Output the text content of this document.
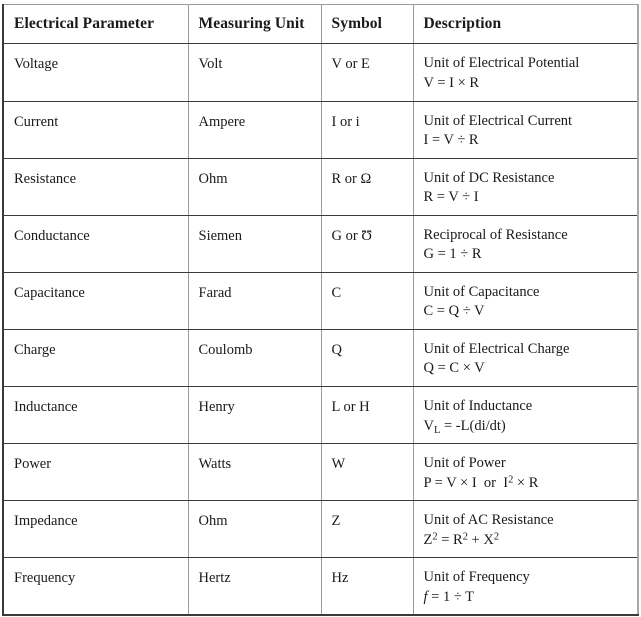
Electrical Parameter	Measuring Unit	Symbol	Description

Voltage	Volt	V or E	Unit of Electrical Potential
V = I × R

Current	Ampere	I or i	Unit of Electrical Current
I = V ÷ R

Resistance	Ohm	R or Ω	Unit of DC Resistance
R = V ÷ I

Conductance	Siemen	G or Ʊ	Reciprocal of Resistance
G = 1 ÷ R

Capacitance	Farad	C	Unit of Capacitance
C = Q ÷ V

Charge	Coulomb	Q	Unit of Electrical Charge
Q = C × V

Inductance	Henry	L or H	Unit of Inductance
$V_L = -L(di/dt)$

Power	Watts	W	Unit of Power
P = V × I  or  $I^2 \times R$

Impedance	Ohm	Z	Unit of AC Resistance
$Z^2 = R^2 + X^2$

Frequency	Hertz	Hz	Unit of Frequency
f = 1 ÷ T
